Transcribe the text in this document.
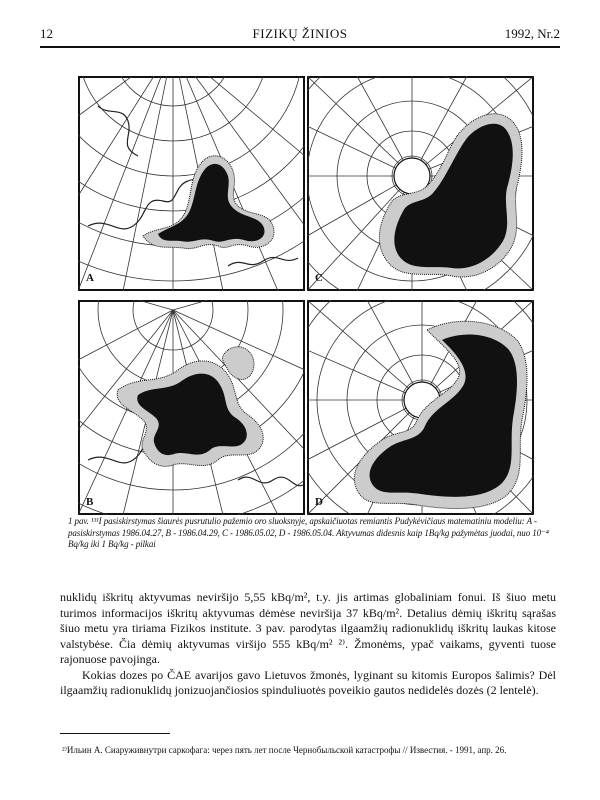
12	FIZIKŲ ŽINIOS	1992, Nr.2
A	C
B	D
1 pav. ¹³¹I pasiskirstymas šiaurės pusrutulio pažemio oro sluoksnyje, apskaičiuotas remiantis Pudykėvičiaus matematiniu modeliu: A - pasiskirstymas 1986.04.27, B - 1986.04.29, C - 1986.05.02, D - 1986.05.04. Aktyvumas didesnis kaip 1Bq/kg pažymėtas juodai, nuo 10⁻⁴ Bq/kg iki 1 Bq/kg - pilkai

nuklidų iškritų aktyvumas neviršijo 5,55 kBq/m², t.y. jis artimas globaliniam fonui. Iš šiuo metu turimos informacijos iškritų aktyvumas dėmėse neviršija 37 kBq/m². Detalius dėmių iškritų sąrašas šiuo metu yra tiriama Fizikos institute. 3 pav. parodytas ilgaamžių radionuklidų iškritų laukas kitose valstybėse. Čia dėmių aktyvumas viršijo 555 kBq/m² ²⁾. Žmonėms, ypač vaikams, gyventi tuose rajonuose pavojinga.

Kokias dozes po ČAE avarijos gavo Lietuvos žmonės, lyginant su kitomis Europos šalimis? Dėl ilgaamžių radionuklidų jonizuojančiosios spinduliuotės poveikio gautos nedidelės dozės (2 lentelė).

²⁾Ильин А. Сиаруживнутри саркофага: через пять лет после Чернобыльской катастрофы // Известия. - 1991, апр. 26.
